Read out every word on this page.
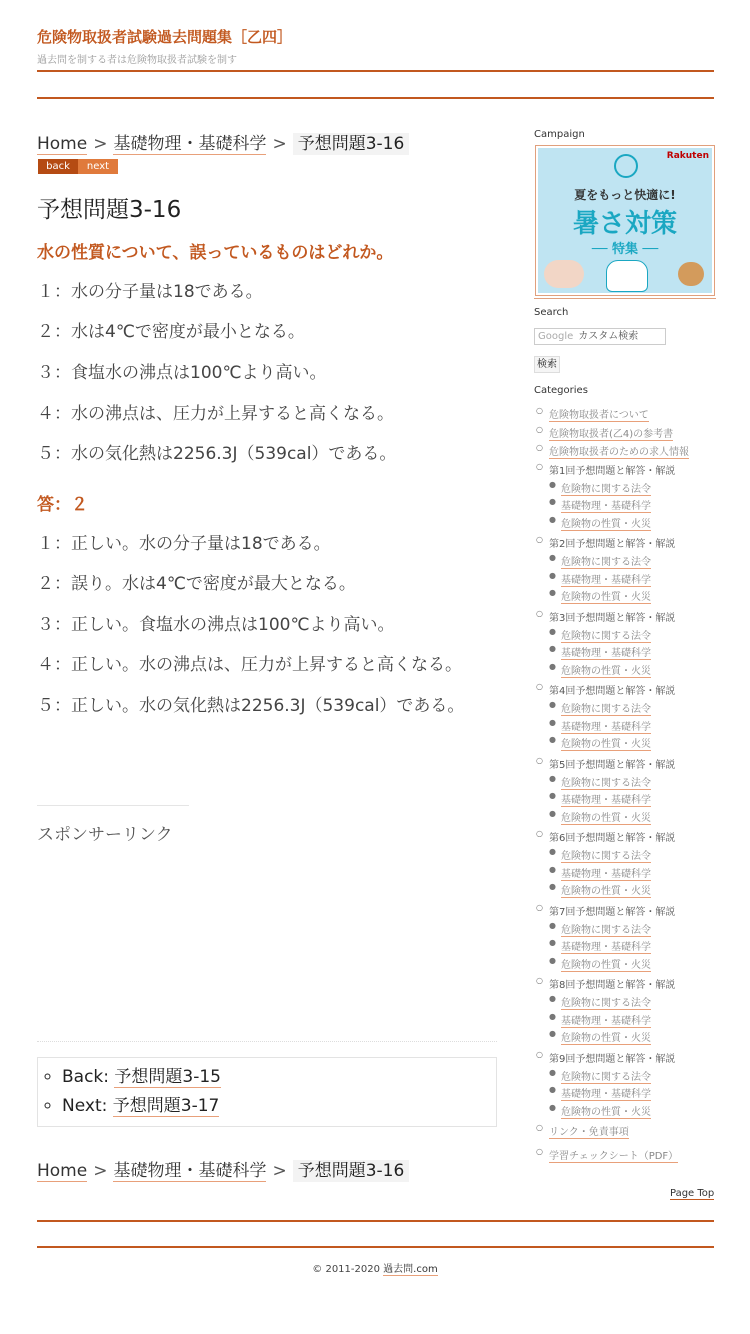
危険物取扱者試験過去問題集［乙四］
過去問を制する者は危険物取扱者試験を制す
Home > 基礎物理・基礎科学 > 予想問題3-16
back	next
予想問題3-16
水の性質について、誤っているものはどれか。
１：水の分子量は18である。
２：水は4℃で密度が最小となる。
３：食塩水の沸点は100℃より高い。
４：水の沸点は、圧力が上昇すると高くなる。
５：水の気化熱は2256.3J（539cal）である。
答：２
１：正しい。水の分子量は18である。
２：誤り。水は4℃で密度が最大となる。
３：正しい。食塩水の沸点は100℃より高い。
４：正しい。水の沸点は、圧力が上昇すると高くなる。
５：正しい。水の気化熱は2256.3J（539cal）である。
スポンサーリンク
◦ Back: 予想問題3-15
◦ Next: 予想問題3-17
Home > 基礎物理・基礎科学 > 予想問題3-16
Page Top
© 2011-2020 過去問.com
Campaign
Rakuten
夏をもっと快適に!
暑さ対策
── 特集 ──
Search
Google カスタム検索
検索
Categories
○ 危険物取扱者について
○ 危険物取扱者(乙4)の参考書
○ 危険物取扱者のための求人情報
○ 第1回予想問題と解答・解説
● 危険物に関する法令
● 基礎物理・基礎科学
● 危険物の性質・火災
○ 第2回予想問題と解答・解説
● 危険物に関する法令
● 基礎物理・基礎科学
● 危険物の性質・火災
○ 第3回予想問題と解答・解説
● 危険物に関する法令
● 基礎物理・基礎科学
● 危険物の性質・火災
○ 第4回予想問題と解答・解説
● 危険物に関する法令
● 基礎物理・基礎科学
● 危険物の性質・火災
○ 第5回予想問題と解答・解説
● 危険物に関する法令
● 基礎物理・基礎科学
● 危険物の性質・火災
○ 第6回予想問題と解答・解説
● 危険物に関する法令
● 基礎物理・基礎科学
● 危険物の性質・火災
○ 第7回予想問題と解答・解説
● 危険物に関する法令
● 基礎物理・基礎科学
● 危険物の性質・火災
○ 第8回予想問題と解答・解説
● 危険物に関する法令
● 基礎物理・基礎科学
● 危険物の性質・火災
○ 第9回予想問題と解答・解説
● 危険物に関する法令
● 基礎物理・基礎科学
● 危険物の性質・火災
○ リンク・免責事項
○ 学習チェックシート（PDF）
